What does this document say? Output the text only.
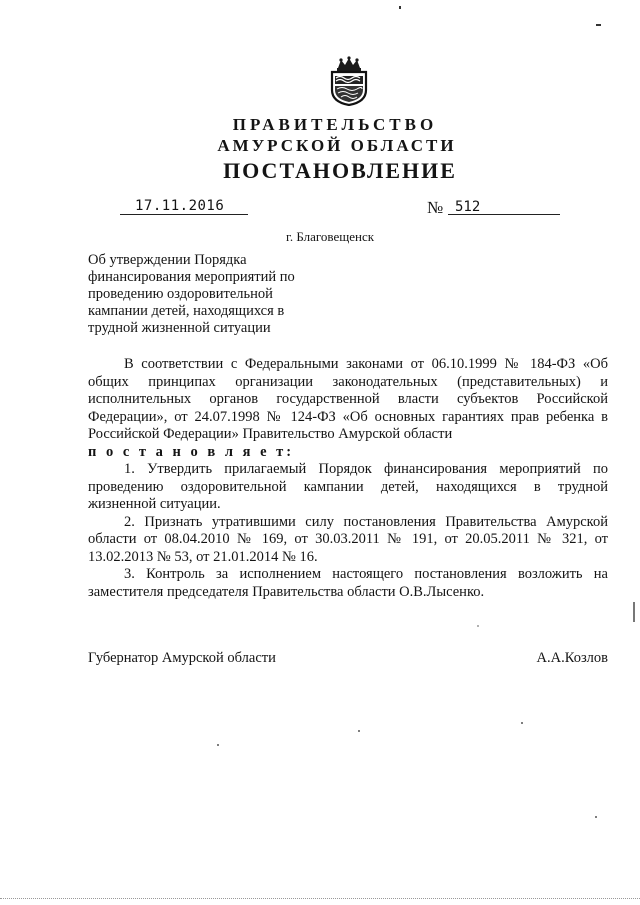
ПРАВИТЕЛЬСТВО
АМУРСКОЙ ОБЛАСТИ
ПОСТАНОВЛЕНИЕ
17.11.2016	№ 512
г. Благовещенск
Об утверждении Порядка
финансирования мероприятий по
проведению оздоровительной
кампании детей, находящихся в
трудной жизненной ситуации
В соответствии с Федеральными законами от 06.10.1999 № 184-ФЗ «Об
общих принципах организации законодательных (представительных) и
исполнительных органов государственной власти субъектов Российской
Федерации», от 24.07.1998 № 124-ФЗ «Об основных гарантиях прав ребенка в
Российской Федерации» Правительство Амурской области
п о с т а н о в л я е т:
1. Утвердить прилагаемый Порядок финансирования мероприятий по
проведению оздоровительной кампании детей, находящихся в трудной
жизненной ситуации.
2. Признать утратившими силу постановления Правительства Амурской
области от 08.04.2010 № 169, от 30.03.2011 № 191, от 20.05.2011 № 321, от
13.02.2013 № 53, от 21.01.2014 № 16.
3. Контроль за исполнением настоящего постановления возложить на
заместителя председателя Правительства области О.В.Лысенко.
Губернатор Амурской области	А.А.Козлов
